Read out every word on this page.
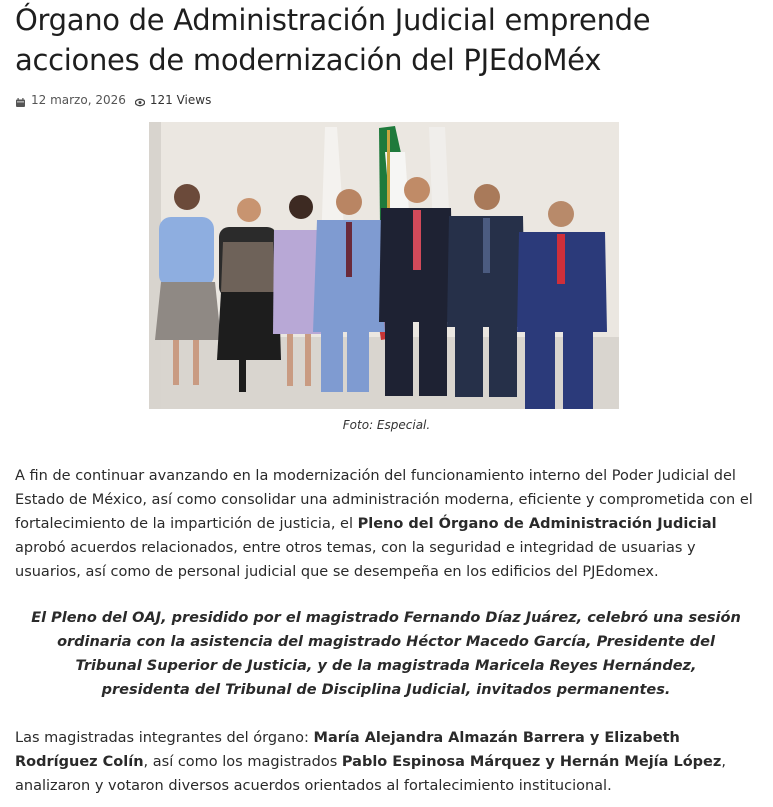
Órgano de Administración Judicial emprende acciones de modernización del PJEdoMéx
12 marzo, 2026 121 Views
Foto: Especial.

A fin de continuar avanzando en la modernización del funcionamiento interno del Poder Judicial del Estado de México, así como consolidar una administración moderna, eficiente y comprometida con el fortalecimiento de la impartición de justicia, el Pleno del Órgano de Administración Judicial aprobó acuerdos relacionados, entre otros temas, con la seguridad e integridad de usuarias y usuarios, así como de personal judicial que se desempeña en los edificios del PJEdomex.

El Pleno del OAJ, presidido por el magistrado Fernando Díaz Juárez, celebró una sesión ordinaria con la asistencia del magistrado Héctor Macedo García, Presidente del Tribunal Superior de Justicia, y de la magistrada Maricela Reyes Hernández, presidenta del Tribunal de Disciplina Judicial, invitados permanentes.

Las magistradas integrantes del órgano: María Alejandra Almazán Barrera y Elizabeth Rodríguez Colín, así como los magistrados Pablo Espinosa Márquez y Hernán Mejía López, analizaron y votaron diversos acuerdos orientados al fortalecimiento institucional.
